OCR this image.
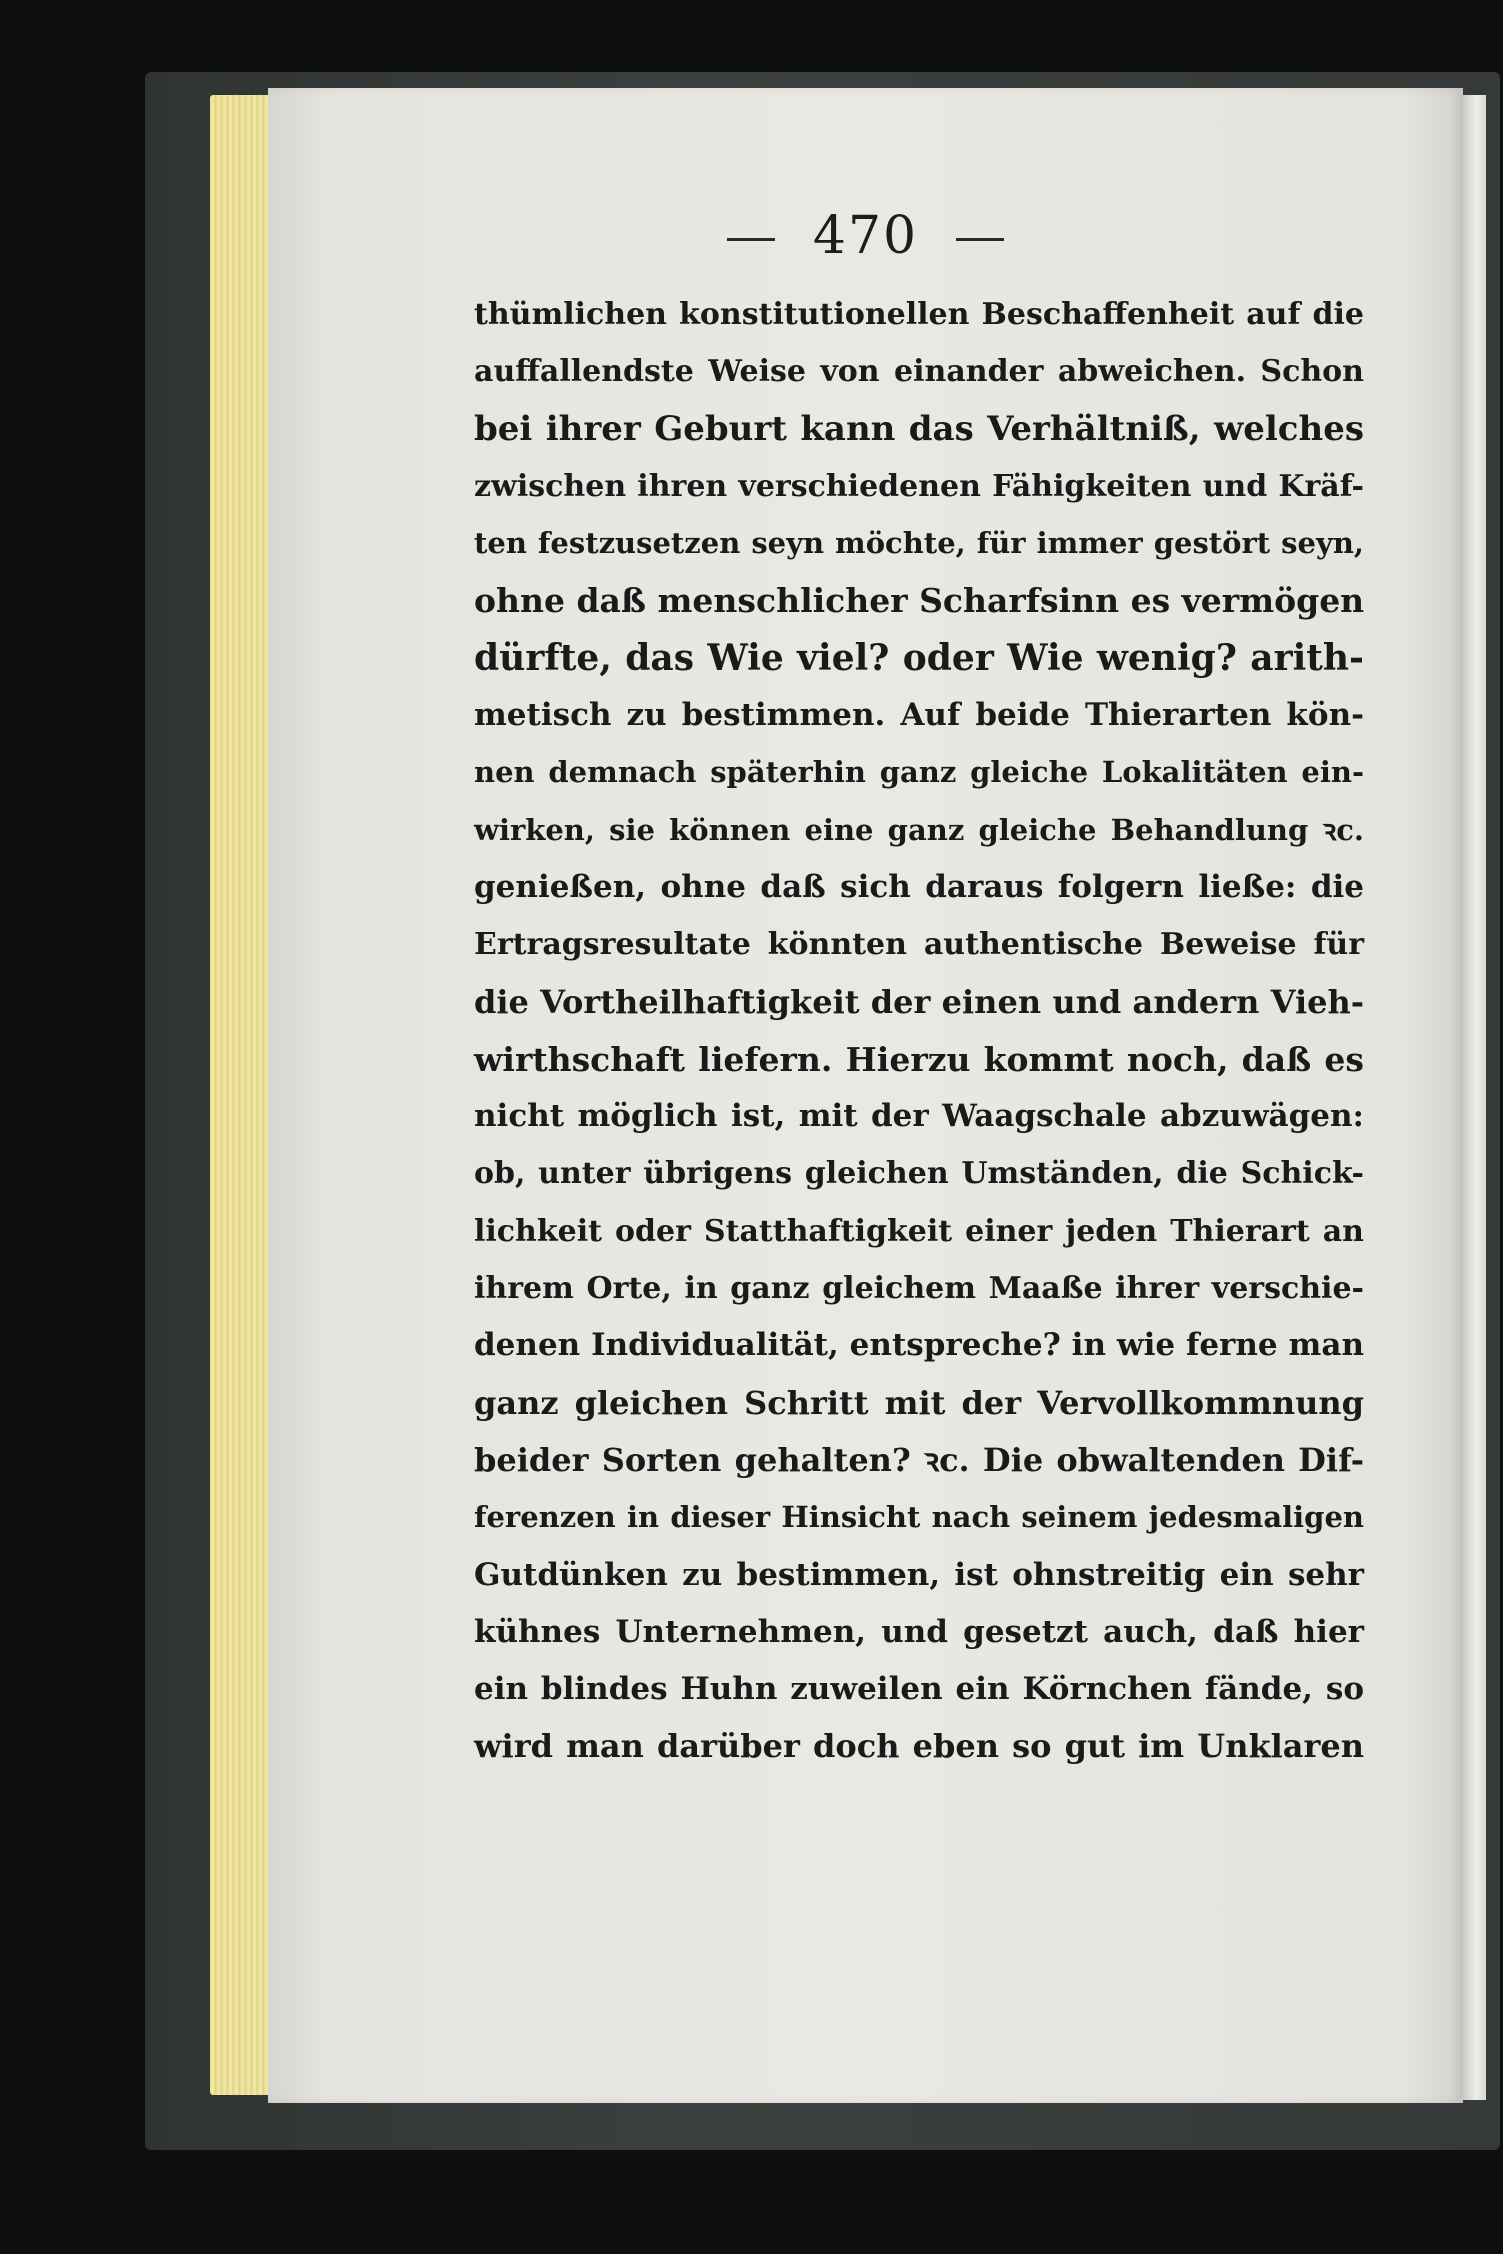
470
thümlichen konstitutionellen Beschaffenheit auf die
auffallendste Weise von einander abweichen. Schon
bei ihrer Geburt kann das Verhältniß, welches
zwischen ihren verschiedenen Fähigkeiten und Kräf-
ten festzusetzen seyn möchte, für immer gestört seyn,
ohne daß menschlicher Scharfsinn es vermögen
dürfte, das Wie viel? oder Wie wenig? arith-
metisch zu bestimmen. Auf beide Thierarten kön-
nen demnach späterhin ganz gleiche Lokalitäten ein-
wirken, sie können eine ganz gleiche Behandlung ꝛc.
genießen, ohne daß sich daraus folgern ließe: die
Ertragsresultate könnten authentische Beweise für
die Vortheilhaftigkeit der einen und andern Vieh-
wirthschaft liefern. Hierzu kommt noch, daß es
nicht möglich ist, mit der Waagschale abzuwägen:
ob, unter übrigens gleichen Umständen, die Schick-
lichkeit oder Statthaftigkeit einer jeden Thierart an
ihrem Orte, in ganz gleichem Maaße ihrer verschie-
denen Individualität, entspreche? in wie ferne man
ganz gleichen Schritt mit der Vervollkommnung
beider Sorten gehalten? ꝛc. Die obwaltenden Dif-
ferenzen in dieser Hinsicht nach seinem jedesmaligen
Gutdünken zu bestimmen, ist ohnstreitig ein sehr
kühnes Unternehmen, und gesetzt auch, daß hier
ein blindes Huhn zuweilen ein Körnchen fände, so
wird man darüber doch eben so gut im Unklaren
